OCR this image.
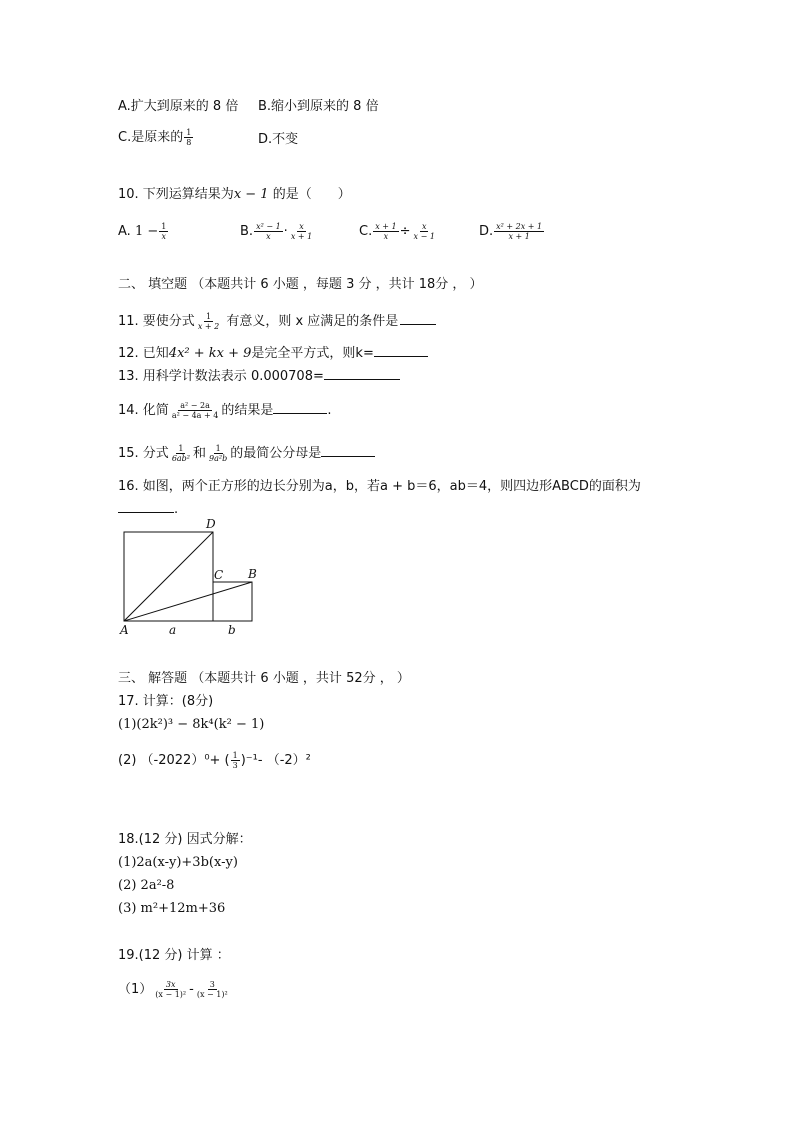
A.扩大到原来的 8 倍 B.缩小到原来的 8 倍
C.是原来的 $\frac{1}{8}$	D.不变
10. 下列运算结果为x − 1 的是（　　）
A. $1 - \frac{1}{x}$	B. $\frac{\text{x² − 1}}{x} \cdot \frac{x}{x + 1}$	C. $\frac{x + 1}{x} \div \frac{x}{x - 1}$	D. $\frac{\text{x² + 2x + 1}}{x + 1}$
二、 填空题 （本题共计 6 小题 ，每题 3 分 ，共计 18分 ， ）
11. 要使分式 $\frac{1}{x + 2}$ 有意义，则 x 应满足的条件是
12. 已知4x² + kx + 9是完全平方式，则k=
13. 用科学计数法表示 0.000708=
14. 化简 $\frac{\text{a² − 2a}}{\text{a² − 4a + 4}}$ 的结果是	.
15. 分式 $\frac{1}{\text{6ab²}}$ 和 $\frac{1}{\text{9a²b}}$ 的最简公分母是
16. 如图，两个正方形的边长分别为a，b，若a + b＝6，ab＝4，则四边形ABCD的面积为
.
D
C B
A	a	b
三、 解答题 （本题共计 6 小题 ，共计 52分 ， ）
17. 计算：(8分)
(1)(2k²)³ − 8k⁴(k² − 1)
(2) （-2022）⁰+ ( $\frac{1}{3} )^{-1}-$ （-2）²
18.(12 分) 因式分解：
(1)2a(x-y)+3b(x-y)
(2) 2a²-8
(3) m²+12m+36
19.(12 分) 计算 ：
$(1) \frac{3x}{\text{(x − 1)²}} - \frac{3}{\text{(x − 1)²}}$
